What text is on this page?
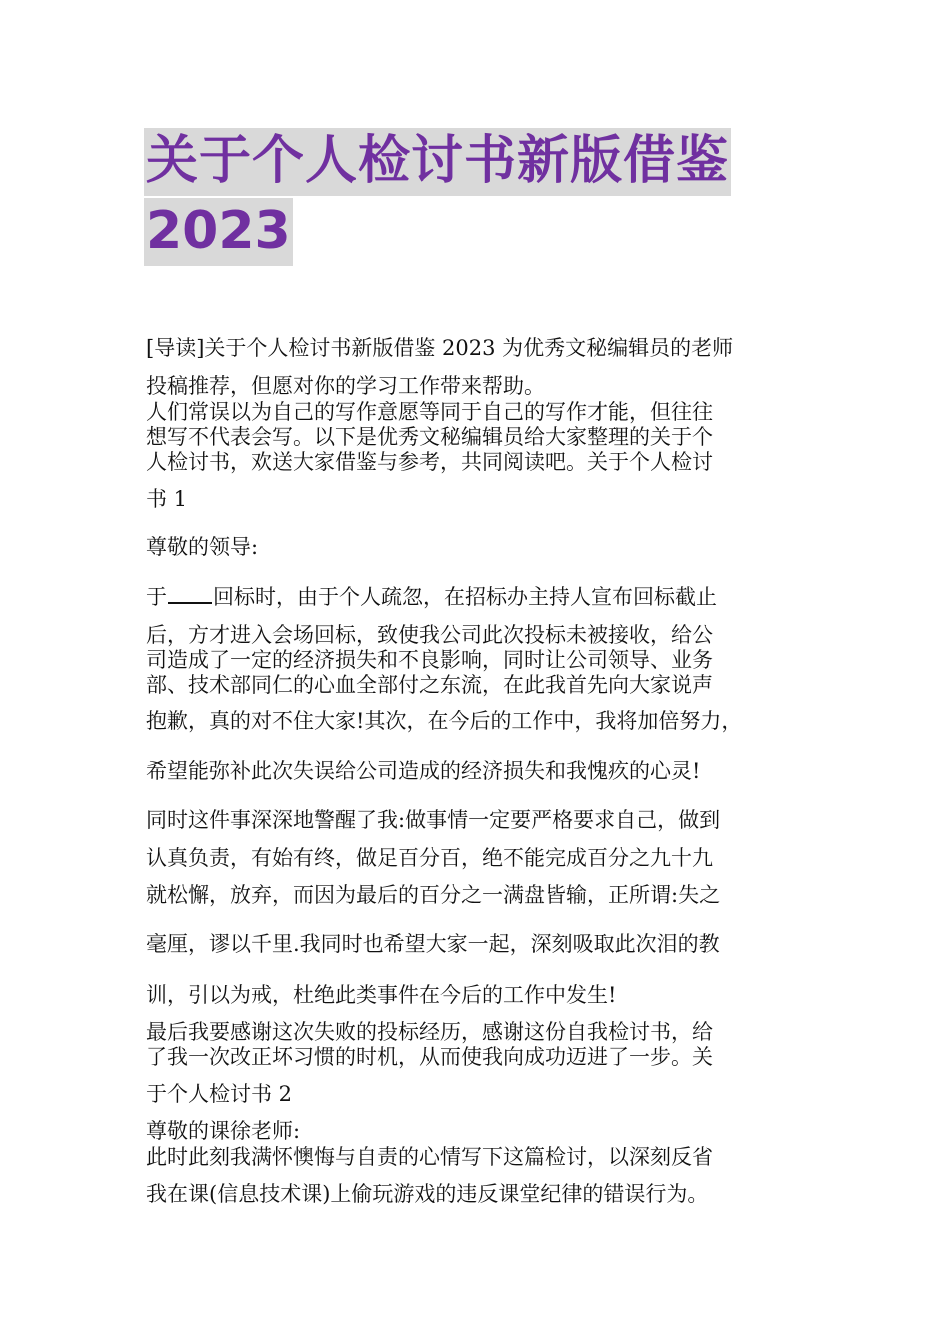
关于个人检讨书新版借鉴
2023
[导读]关于个人检讨书新版借鉴 2023 为优秀文秘编辑员的老师
投稿推荐，但愿对你的学习工作带来帮助。
人们常误以为自己的写作意愿等同于自己的写作才能，但往往
想写不代表会写。以下是优秀文秘编辑员给大家整理的关于个
人检讨书，欢送大家借鉴与参考，共同阅读吧。关于个人检讨
书 1
尊敬的领导:
于 回标时，由于个人疏忽，在招标办主持人宣布回标截止
后，方才进入会场回标，致使我公司此次投标未被接收，给公
司造成了一定的经济损失和不良影响，同时让公司领导、业务
部、技术部同仁的心血全部付之东流，在此我首先向大家说声
抱歉，真的对不住大家!其次，在今后的工作中，我将加倍努力，
希望能弥补此次失误给公司造成的经济损失和我愧疚的心灵!
同时这件事深深地警醒了我:做事情一定要严格要求自己，做到
认真负责，有始有终，做足百分百，绝不能完成百分之九十九
就松懈，放弃，而因为最后的百分之一满盘皆输，正所谓:失之
毫厘，谬以千里.我同时也希望大家一起，深刻吸取此次泪的教
训，引以为戒，杜绝此类事件在今后的工作中发生!
最后我要感谢这次失败的投标经历，感谢这份自我检讨书，给
了我一次改正坏习惯的时机，从而使我向成功迈进了一步。关
于个人检讨书 2
尊敬的课徐老师:
此时此刻我满怀懊悔与自责的心情写下这篇检讨，以深刻反省
我在课(信息技术课)上偷玩游戏的违反课堂纪律的错误行为。
